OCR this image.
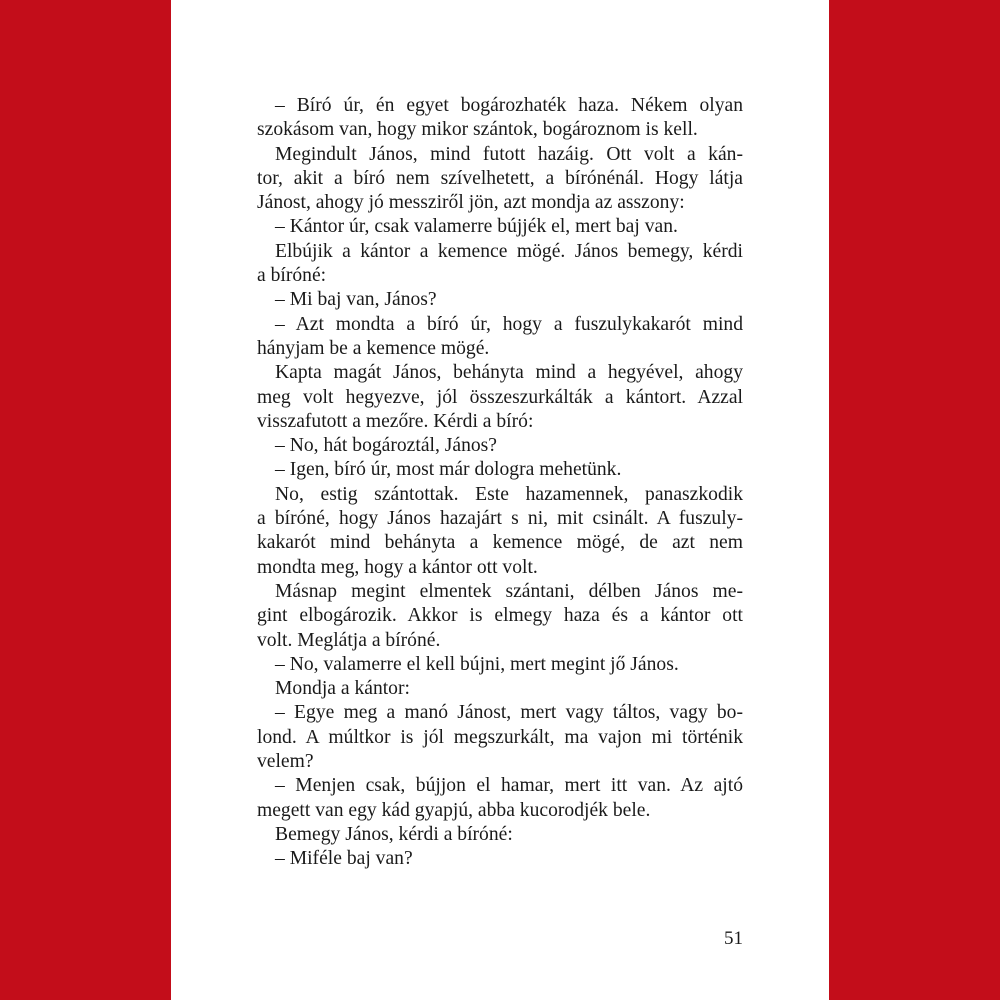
– Bíró úr, én egyet bogározhaték haza. Nékem olyan
szokásom van, hogy mikor szántok, bogároznom is kell.
Megindult János, mind futott hazáig. Ott volt a kán-
tor, akit a bíró nem szívelhetett, a bírónénál. Hogy látja
Jánost, ahogy jó messziről jön, azt mondja az asszony:
– Kántor úr, csak valamerre bújjék el, mert baj van.
Elbújik a kántor a kemence mögé. János bemegy, kérdi
a bíróné:
– Mi baj van, János?
– Azt mondta a bíró úr, hogy a fuszulykakarót mind
hányjam be a kemence mögé.
Kapta magát János, behányta mind a hegyével, ahogy
meg volt hegyezve, jól összeszurkálták a kántort. Azzal
visszafutott a mezőre. Kérdi a bíró:
– No, hát bogároztál, János?
– Igen, bíró úr, most már dologra mehetünk.
No, estig szántottak. Este hazamennek, panaszkodik
a bíróné, hogy János hazajárt s ni, mit csinált. A fuszuly-
kakarót mind behányta a kemence mögé, de azt nem
mondta meg, hogy a kántor ott volt.
Másnap megint elmentek szántani, délben János me-
gint elbogározik. Akkor is elmegy haza és a kántor ott
volt. Meglátja a bíróné.
– No, valamerre el kell bújni, mert megint jő János.
Mondja a kántor:
– Egye meg a manó Jánost, mert vagy táltos, vagy bo-
lond. A múltkor is jól megszurkált, ma vajon mi történik
velem?
– Menjen csak, bújjon el hamar, mert itt van. Az ajtó
megett van egy kád gyapjú, abba kucorodjék bele.
Bemegy János, kérdi a bíróné:
– Miféle baj van?
51
